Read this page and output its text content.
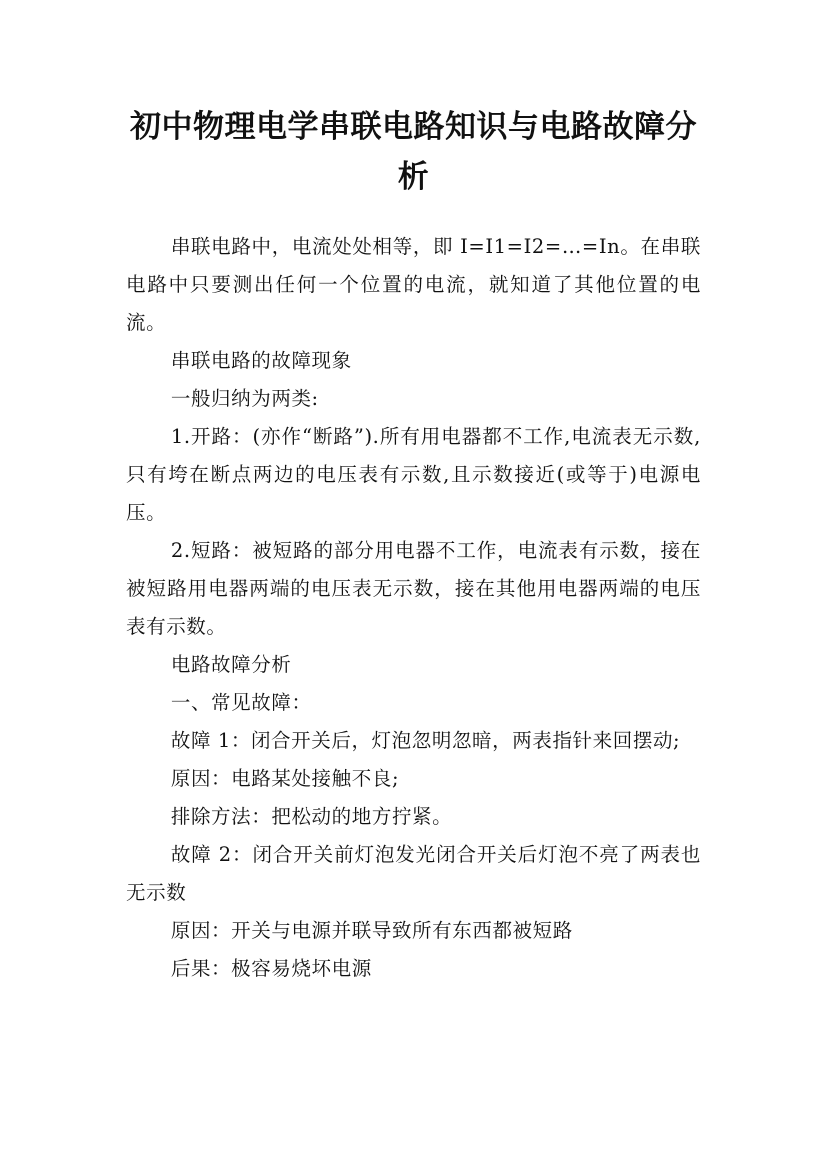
初中物理电学串联电路知识与电路故障分析

串联电路中，电流处处相等，即 I=I1=I2=…=In。在串联电路中只要测出任何一个位置的电流，就知道了其他位置的电流。

串联电路的故障现象

一般归纳为两类:

1.开路：(亦作“断路”).所有用电器都不工作,电流表无示数,只有垮在断点两边的电压表有示数,且示数接近(或等于)电源电压。

2.短路：被短路的部分用电器不工作，电流表有示数，接在被短路用电器两端的电压表无示数，接在其他用电器两端的电压表有示数。

电路故障分析

一、常见故障：

故障 1：闭合开关后，灯泡忽明忽暗，两表指针来回摆动;

原因：电路某处接触不良;

排除方法：把松动的地方拧紧。

故障 2：闭合开关前灯泡发光闭合开关后灯泡不亮了两表也无示数

原因：开关与电源并联导致所有东西都被短路

后果：极容易烧坏电源
